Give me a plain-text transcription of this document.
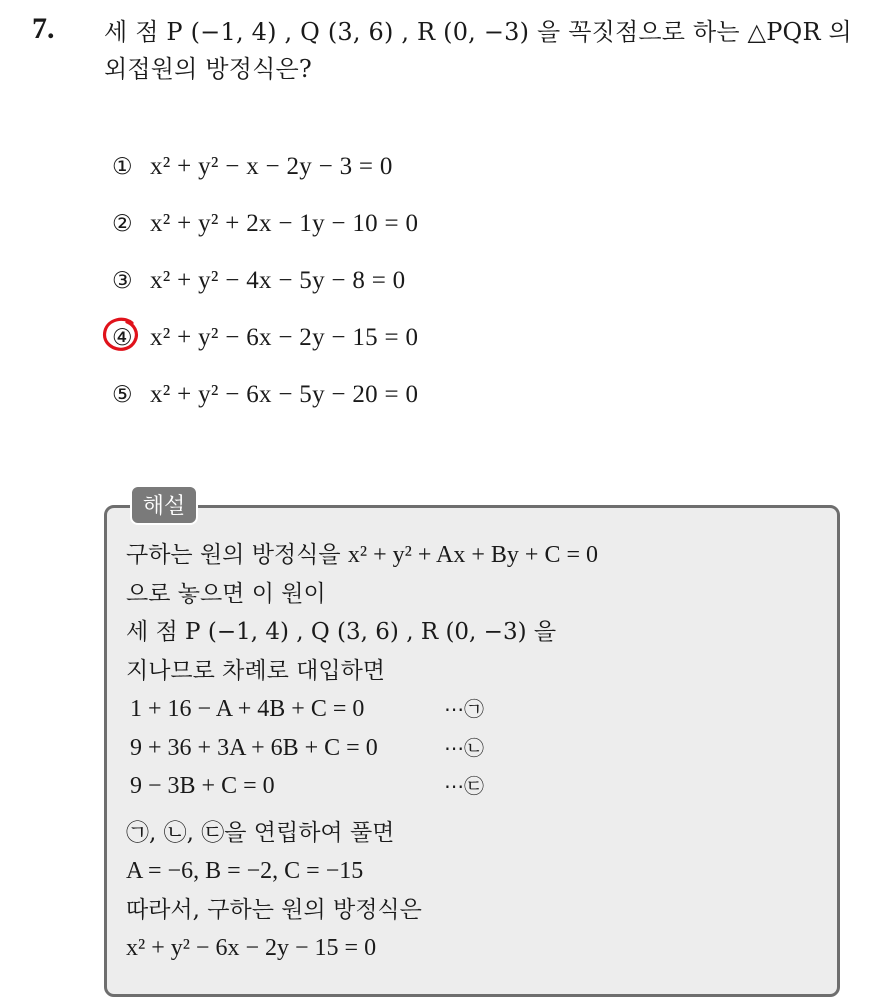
7. 세 점 P (−1, 4) , Q (3, 6) , R (0, −3) 을 꼭짓점으로 하는 △PQR 의 외접원의 방정식은?
① x² + y² − x − 2y − 3 = 0
② x² + y² + 2x − 1y − 10 = 0
③ x² + y² − 4x − 5y − 8 = 0
④ x² + y² − 6x − 2y − 15 = 0
⑤ x² + y² − 6x − 5y − 20 = 0
해설
구하는 원의 방정식을 x² + y² + Ax + By + C = 0
으로 놓으면 이 원이
세 점 P (−1, 4) , Q (3, 6) , R (0, −3) 을
지나므로 차례로 대입하면
1 + 16 − A + 4B + C = 0	⋯㉠
9 + 36 + 3A + 6B + C = 0	⋯㉡
9 − 3B + C = 0	⋯㉢
㉠, ㉡, ㉢을 연립하여 풀면
A = −6, B = −2, C = −15
따라서, 구하는 원의 방정식은
x² + y² − 6x − 2y − 15 = 0
